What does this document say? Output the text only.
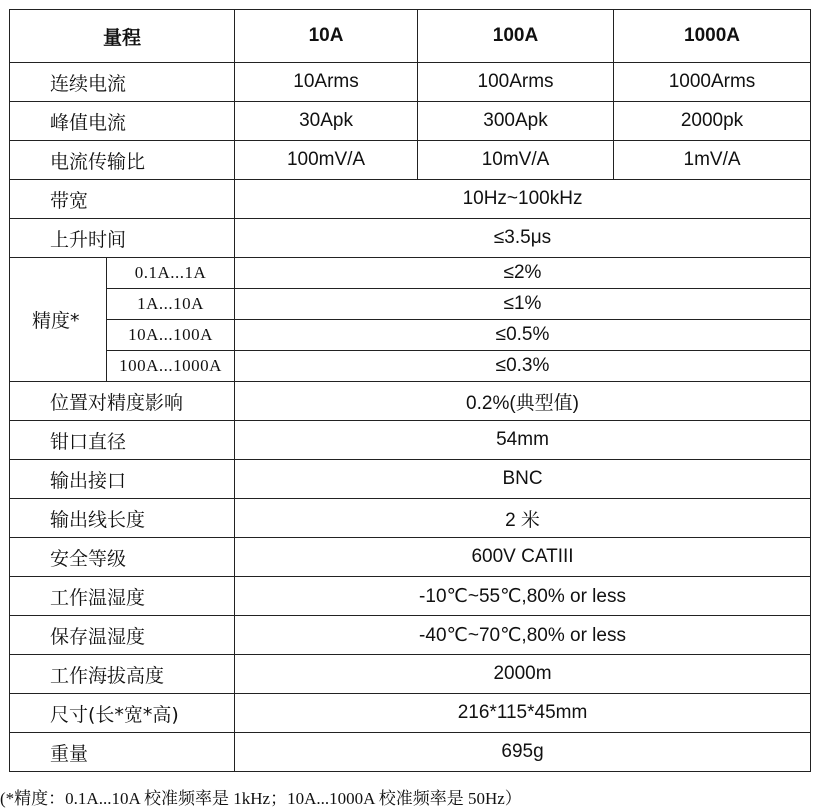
量程		10A	100A	1000A
连续电流		10Arms	100Arms	1000Arms
峰值电流		30Apk	300Apk	2000pk
电流传输比		100mV/A	10mV/A	1mV/A
带宽		10Hz~100kHz		
上升时间		≤3.5μs		
精度*	0.1A...1A	≤2%		
	1A...10A	≤1%		
	10A...100A	≤0.5%		
	100A...1000A	≤0.3%		
位置对精度影响		0.2%(典型值)		
钳口直径		54mm		
输出接口		BNC		
输出线长度		2 米		
安全等级		600V CATIII		
工作温湿度		-10℃~55℃,80% or less		
保存温湿度		-40℃~70℃,80% or less		
工作海拔高度		2000m		
尺寸(长*宽*高)		216*115*45mm		
重量		695g		
(*精度：0.1A...10A 校准频率是 1kHz；10A...1000A 校准频率是 50Hz）
